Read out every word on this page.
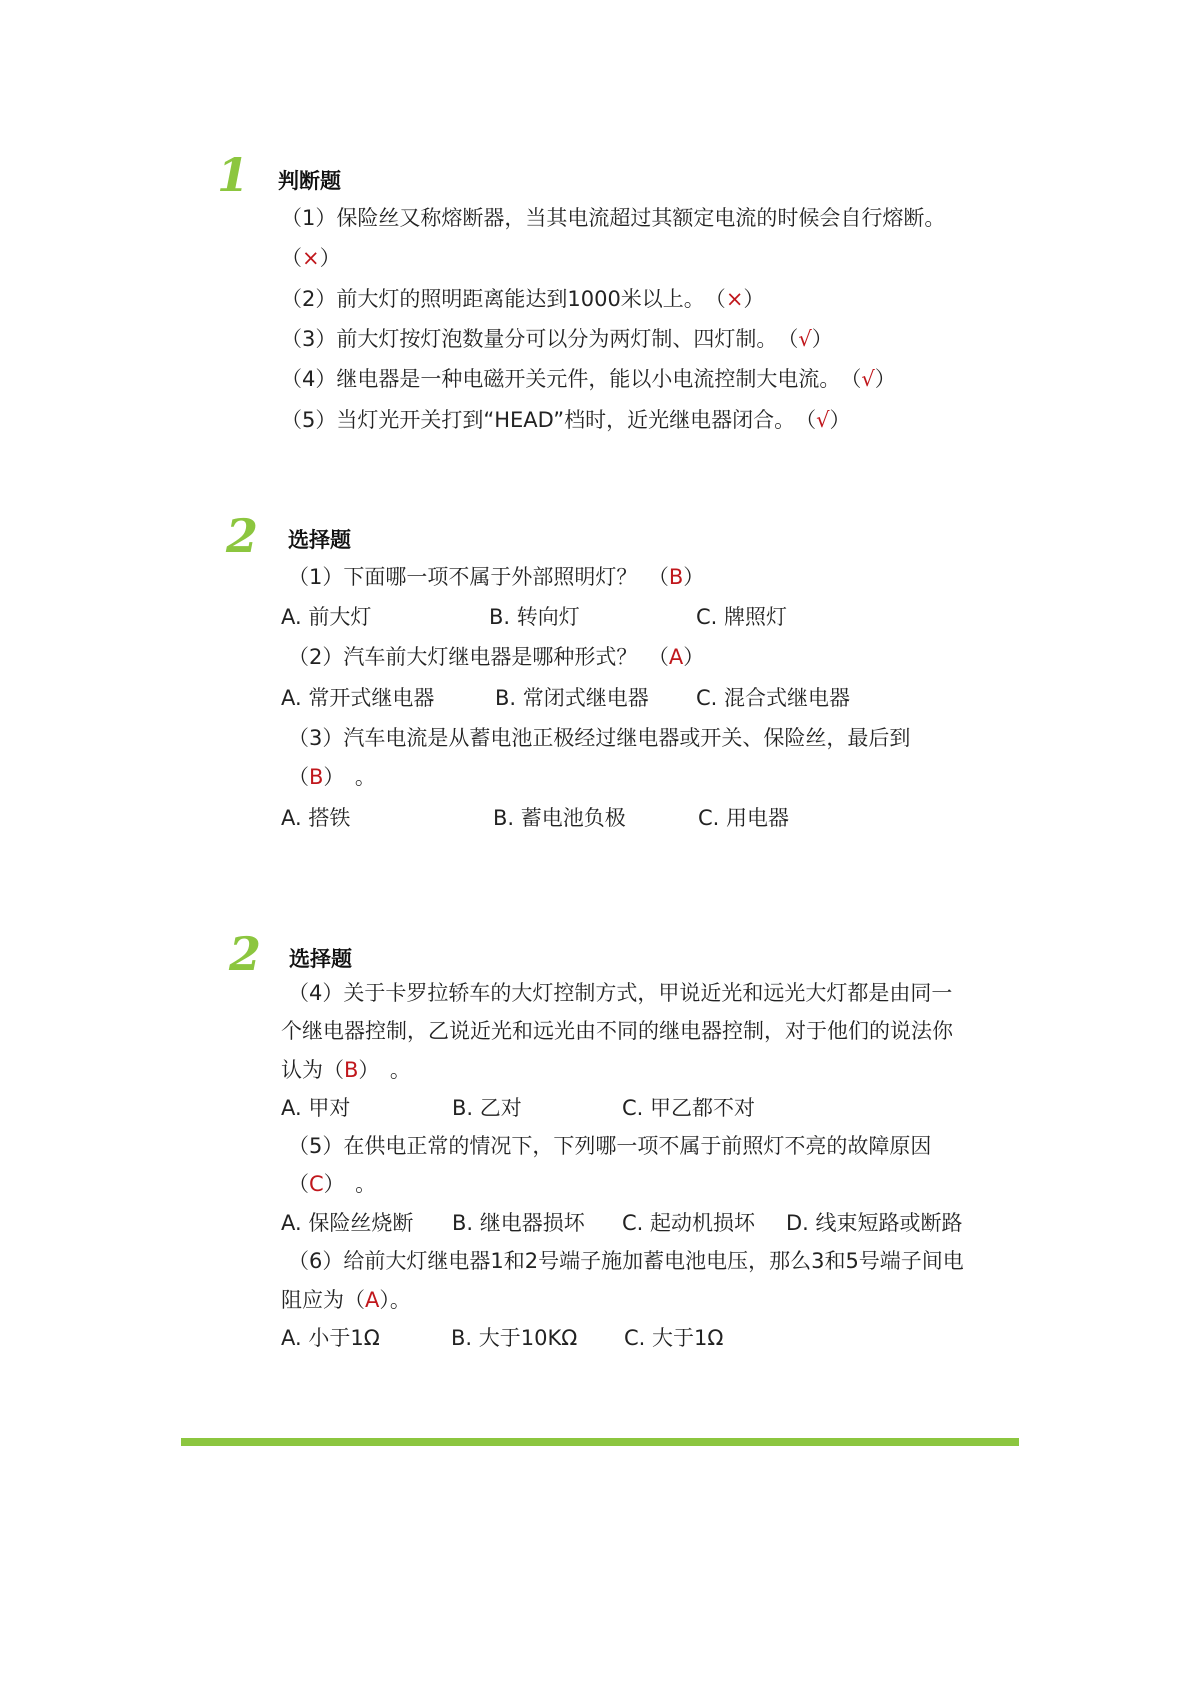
1 判断题
（1）保险丝又称熔断器，当其电流超过其额定电流的时候会自行熔断。
（×）
（2）前大灯的照明距离能达到1000米以上。　（×）
（3）前大灯按灯泡数量分可以分为两灯制、四灯制。　（√）
（4）继电器是一种电磁开关元件，能以小电流控制大电流。　（√）
（5）当灯光开关打到“HEAD”档时，近光继电器闭合。　（√）
2 选择题
（1）下面哪一项不属于外部照明灯？　（B）
A. 前大灯	B. 转向灯	C. 牌照灯
（2）汽车前大灯继电器是哪种形式？　（A）
A. 常开式继电器	B. 常闭式继电器 C. 混合式继电器
（3）汽车电流是从蓄电池正极经过继电器或开关、保险丝，最后到
（B）　。
A. 搭铁	B. 蓄电池负极	C. 用电器
2 选择题
（4）关于卡罗拉轿车的大灯控制方式，甲说近光和远光大灯都是由同一
个继电器控制，乙说近光和远光由不同的继电器控制，对于他们的说法你
认为（B）　。
A. 甲对	B. 乙对	C. 甲乙都不对
（5）在供电正常的情况下，下列哪一项不属于前照灯不亮的故障原因
（C）　。
A. 保险丝烧断 B. 继电器损坏 C. 起动机损坏 D. 线束短路或断路
（6）给前大灯继电器1和2号端子施加蓄电池电压，那么3和5号端子间电
阻应为（A）。
A. 小于1Ω	B. 大于10KΩ C. 大于1Ω
